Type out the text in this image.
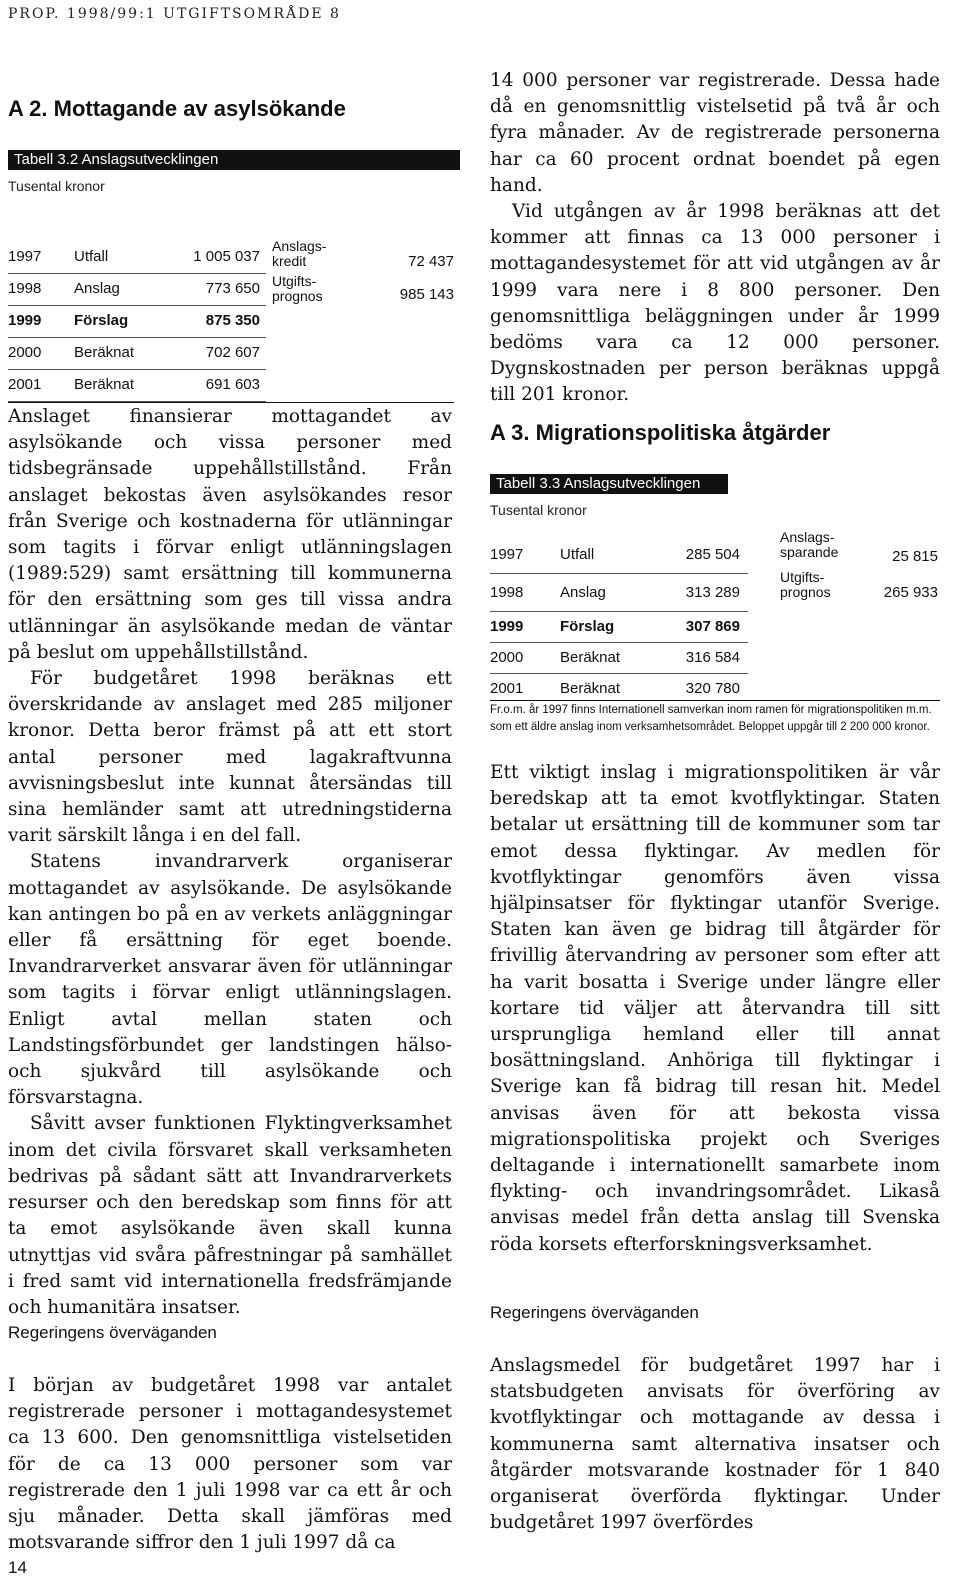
PROP. 1998/99:1 UTGIFTSOMRÅDE 8
A 2. Mottagande av asylsökande
Tabell 3.2 Anslagsutvecklingen
Tusental kronor
1997 Utfall	1 005 037
1998 Anslag	773 650
1999 Förslag	875 350
2000 Beräknat	702 607
2001 Beräknat	691 603
Anslags-
kredit	72 437
Utgifts-
prognos	985 143

Anslaget finansierar mottagandet av asylsökande och vissa personer med tidsbegränsade uppehållstillstånd. Från anslaget bekostas även asylsökandes resor från Sverige och kostnaderna för utlänningar som tagits i förvar enligt utlänningslagen (1989:529) samt ersättning till kommunerna för den ersättning som ges till vissa andra utlänningar än asylsökande medan de väntar på beslut om uppehållstillstånd.

För budgetåret 1998 beräknas ett överskridande av anslaget med 285 miljoner kronor. Detta beror främst på att ett stort antal personer med lagakraftvunna avvisningsbeslut inte kunnat återsändas till sina hemländer samt att utredningstiderna varit särskilt långa i en del fall.

Statens invandrarverk organiserar mottagandet av asylsökande. De asylsökande kan antingen bo på en av verkets anläggningar eller få ersättning för eget boende. Invandrarverket ansvarar även för utlänningar som tagits i förvar enligt utlänningslagen. Enligt avtal mellan staten och Landstingsförbundet ger landstingen hälso- och sjukvård till asylsökande och försvarstagna.

Såvitt avser funktionen Flyktingverksamhet inom det civila försvaret skall verksamheten bedrivas på sådant sätt att Invandrarverkets resurser och den beredskap som finns för att ta emot asylsökande även skall kunna utnyttjas vid svåra påfrestningar på samhället i fred samt vid internationella fredsfrämjande och humanitära insatser.

Regeringens överväganden

I början av budgetåret 1998 var antalet registrerade personer i mottagandesystemet ca 13 600. Den genomsnittliga vistelsetiden för de ca 13 000 personer som var registrerade den 1 juli 1998 var ca ett år och sju månader. Detta skall jämföras med motsvarande siffror den 1 juli 1997 då ca

14 000 personer var registrerade. Dessa hade då en genomsnittlig vistelsetid på två år och fyra månader. Av de registrerade personerna har ca 60 procent ordnat boendet på egen hand.

Vid utgången av år 1998 beräknas att det kommer att finnas ca 13 000 personer i mottagandesystemet för att vid utgången av år 1999 vara nere i 8 800 personer. Den genomsnittliga beläggningen under år 1999 bedöms vara ca 12 000 personer. Dygnskostnaden per person beräknas uppgå till 201 kronor.

A 3. Migrationspolitiska åtgärder
Tabell 3.3 Anslagsutvecklingen
Tusental kronor
1997 Utfall	285 504
1998 Anslag	313 289
1999 Förslag	307 869
2000 Beräknat	316 584
2001 Beräknat	320 780
Anslags-
sparande	25 815
Utgifts-
prognos	265 933
Fr.o.m. år 1997 finns Internationell samverkan inom ramen för migrationspolitiken m.m. som ett äldre anslag inom verksamhetsområdet. Beloppet uppgår till 2 200 000 kronor.

Ett viktigt inslag i migrationspolitiken är vår beredskap att ta emot kvotflyktingar. Staten betalar ut ersättning till de kommuner som tar emot dessa flyktingar. Av medlen för kvotflyktingar genomförs även vissa hjälpinsatser för flyktingar utanför Sverige. Staten kan även ge bidrag till åtgärder för frivillig återvandring av personer som efter att ha varit bosatta i Sverige under längre eller kortare tid väljer att återvandra till sitt ursprungliga hemland eller till annat bosättningsland. Anhöriga till flyktingar i Sverige kan få bidrag till resan hit. Medel anvisas även för att bekosta vissa migrationspolitiska projekt och Sveriges deltagande i internationellt samarbete inom flykting- och invandringsområdet. Likaså anvisas medel från detta anslag till Svenska röda korsets efterforskningsverksamhet.

Regeringens överväganden

Anslagsmedel för budgetåret 1997 har i statsbudgeten anvisats för överföring av kvotflyktingar och mottagande av dessa i kommunerna samt alternativa insatser och åtgärder motsvarande kostnader för 1 840 organiserat överförda flyktingar. Under budgetåret 1997 överfördes

14
